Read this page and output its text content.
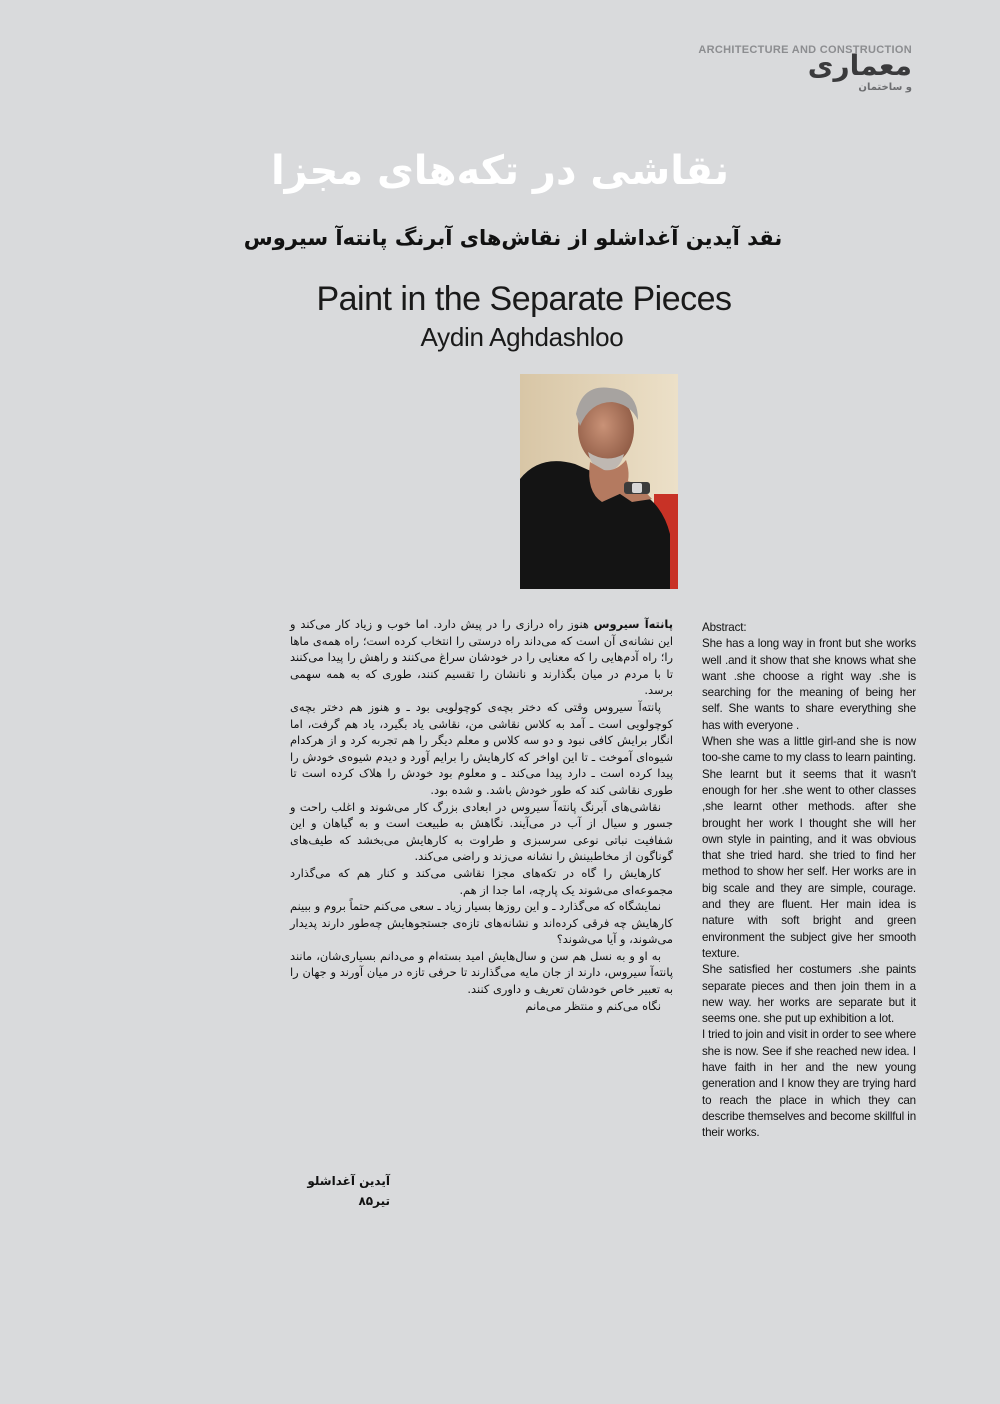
ARCHITECTURE AND CONSTRUCTION
معماری
و ساختمان
نقاشی در تکه‌های مجزا
نقد آیدین آغداشلو از نقاش‌های آبرنگ پانته‌آ سیروس
Paint in the Separate Pieces
Aydin Aghdashloo

پانته‌آ سیروس هنوز راه درازی را در پیش دارد. اما خوب و زیاد کار می‌کند و این نشانه‌ی آن است که می‌داند راه درستی را انتخاب کرده است؛ راه همه‌ی ماها را؛ راه آدم‌هایی را که معنایی را در خودشان سراغ می‌کنند و راهش را پیدا می‌کنند تا با مردم در میان بگذارند و نانشان را تقسیم کنند، طوری که به همه سهمی برسد.

پانته‌آ سیروس وقتی که دختر بچه‌ی کوچولویی بود ـ و هنوز هم دختر بچه‌ی کوچولویی است ـ آمد به کلاس نقاشی من، نقاشی یاد بگیرد، یاد هم گرفت، اما انگار برایش کافی نبود و دو سه کلاس و معلم دیگر را هم تجربه کرد و از هرکدام شیوه‌ای آموخت ـ تا این اواخر که کارهایش را برایم آورد و دیدم شیوه‌ی خودش را پیدا کرده است ـ دارد پیدا می‌کند ـ و معلوم بود خودش را هلاک کرده است تا طوری نقاشی کند که طور خودش باشد. و شده بود.

نقاشی‌های آبرنگ پانته‌آ سیروس در ابعادی بزرگ کار می‌شوند و اغلب راحت و جسور و سیال از آب در می‌آیند. نگاهش به طبیعت است و به گیاهان و این شفافیت نباتی نوعی سرسبزی و طراوت به کارهایش می‌بخشد که طیف‌های گوناگون از مخاطبینش را نشانه می‌زند و راضی می‌کند.

کارهایش را گاه در تکه‌های مجزا نقاشی می‌کند و کنار هم که می‌گذارد مجموعه‌ای می‌شوند یک پارچه، اما جدا از هم.

نمایشگاه که می‌گذارد ـ و این روزها بسیار زیاد ـ سعی می‌کنم حتماً بروم و ببینم کارهایش چه فرقی کرده‌اند و نشانه‌های تازه‌ی جستجوهایش چه‌طور دارند پدیدار می‌شوند، و آیا می‌شوند؟

به او و به نسل هم سن و سال‌هایش امید بسته‌ام و می‌دانم بسیاری‌شان، مانند پانته‌آ سیروس، دارند از جان مایه می‌گذارند تا حرفی تازه در میان آورند و جهان را به تعبیر خاص خودشان تعریف و داوری کنند.

نگاه می‌کنم و منتظر می‌مانم

آیدین آغداشلو
تیر۸۵
Abstract:

She has a long way in front but she works well .and it show that she knows what she want .she choose a right way .she is searching for the meaning of being her self. She wants to share everything she has with everyone .

When she was a little girl-and she is now too-she came to my class to learn painting. She learnt but it seems that it wasn't enough for her .she went to other classes ,she learnt other methods. after she brought her work I thought she will her own style in painting, and it was obvious that she tried hard. she tried to find her method to show her self. Her works are in big scale and they are simple, courage. and they are fluent. Her main idea is nature with soft bright and green environment the subject give her smooth texture.

She satisfied her costumers .she paints separate pieces and then join them in a new way. her works are separate but it seems one. she put up exhibition a lot.

I tried to join and visit in order to see where she is now. See if she reached new idea. I have faith in her and the new young generation and I know they are trying hard to reach the place in which they can describe themselves and become skillful in their works.
